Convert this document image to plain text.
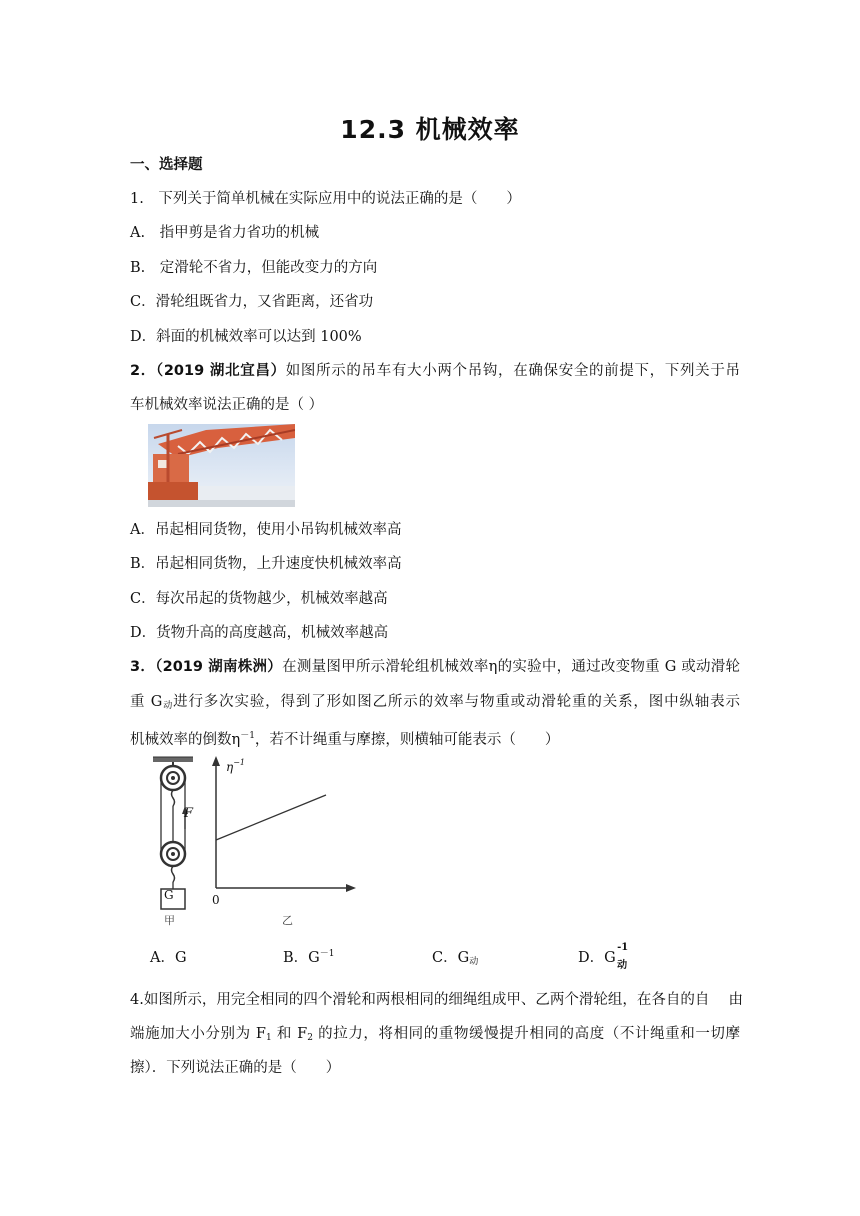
12.3 机械效率
一、选择题
1.　下列关于简单机械在实际应用中的说法正确的是（　　）
A.　指甲剪是省力省功的机械
B.　定滑轮不省力，但能改变力的方向
C．滑轮组既省力，又省距离，还省功
D．斜面的机械效率可以达到 100%
2．（2019 湖北宜昌）如图所示的吊车有大小两个吊钩，在确保安全的前提下，下列关于吊
车机械效率说法正确的是（ ）
A．吊起相同货物，使用小吊钩机械效率高
B．吊起相同货物，上升速度快机械效率高
C．每次吊起的货物越少，机械效率越高
D．货物升高的高度越高，机械效率越高
3．（2019 湖南株洲）在测量图甲所示滑轮组机械效率η的实验中，通过改变物重 G 或动滑轮
重 $G_动$进行多次实验，得到了形如图乙所示的效率与物重或动滑轮重的关系，图中纵轴表示
机械效率的倒数$\eta^{-1}$，若不计绳重与摩擦，则横轴可能表示（　　）
F
G
甲
$\eta^{-1}$
0
乙
A．G	B．$G^{-1}$	C．$G_动$	D． G
-1
动

4.如图所示，用完全相同的四个滑轮和两根相同的细绳组成甲、乙两个滑轮组，在各自的自　 由
端施加大小分别为 $F_1$ 和 $F_2$ 的拉力，将相同的重物缓慢提升相同的高度（不计绳重和一切摩
擦）．下列说法正确的是（　　）
